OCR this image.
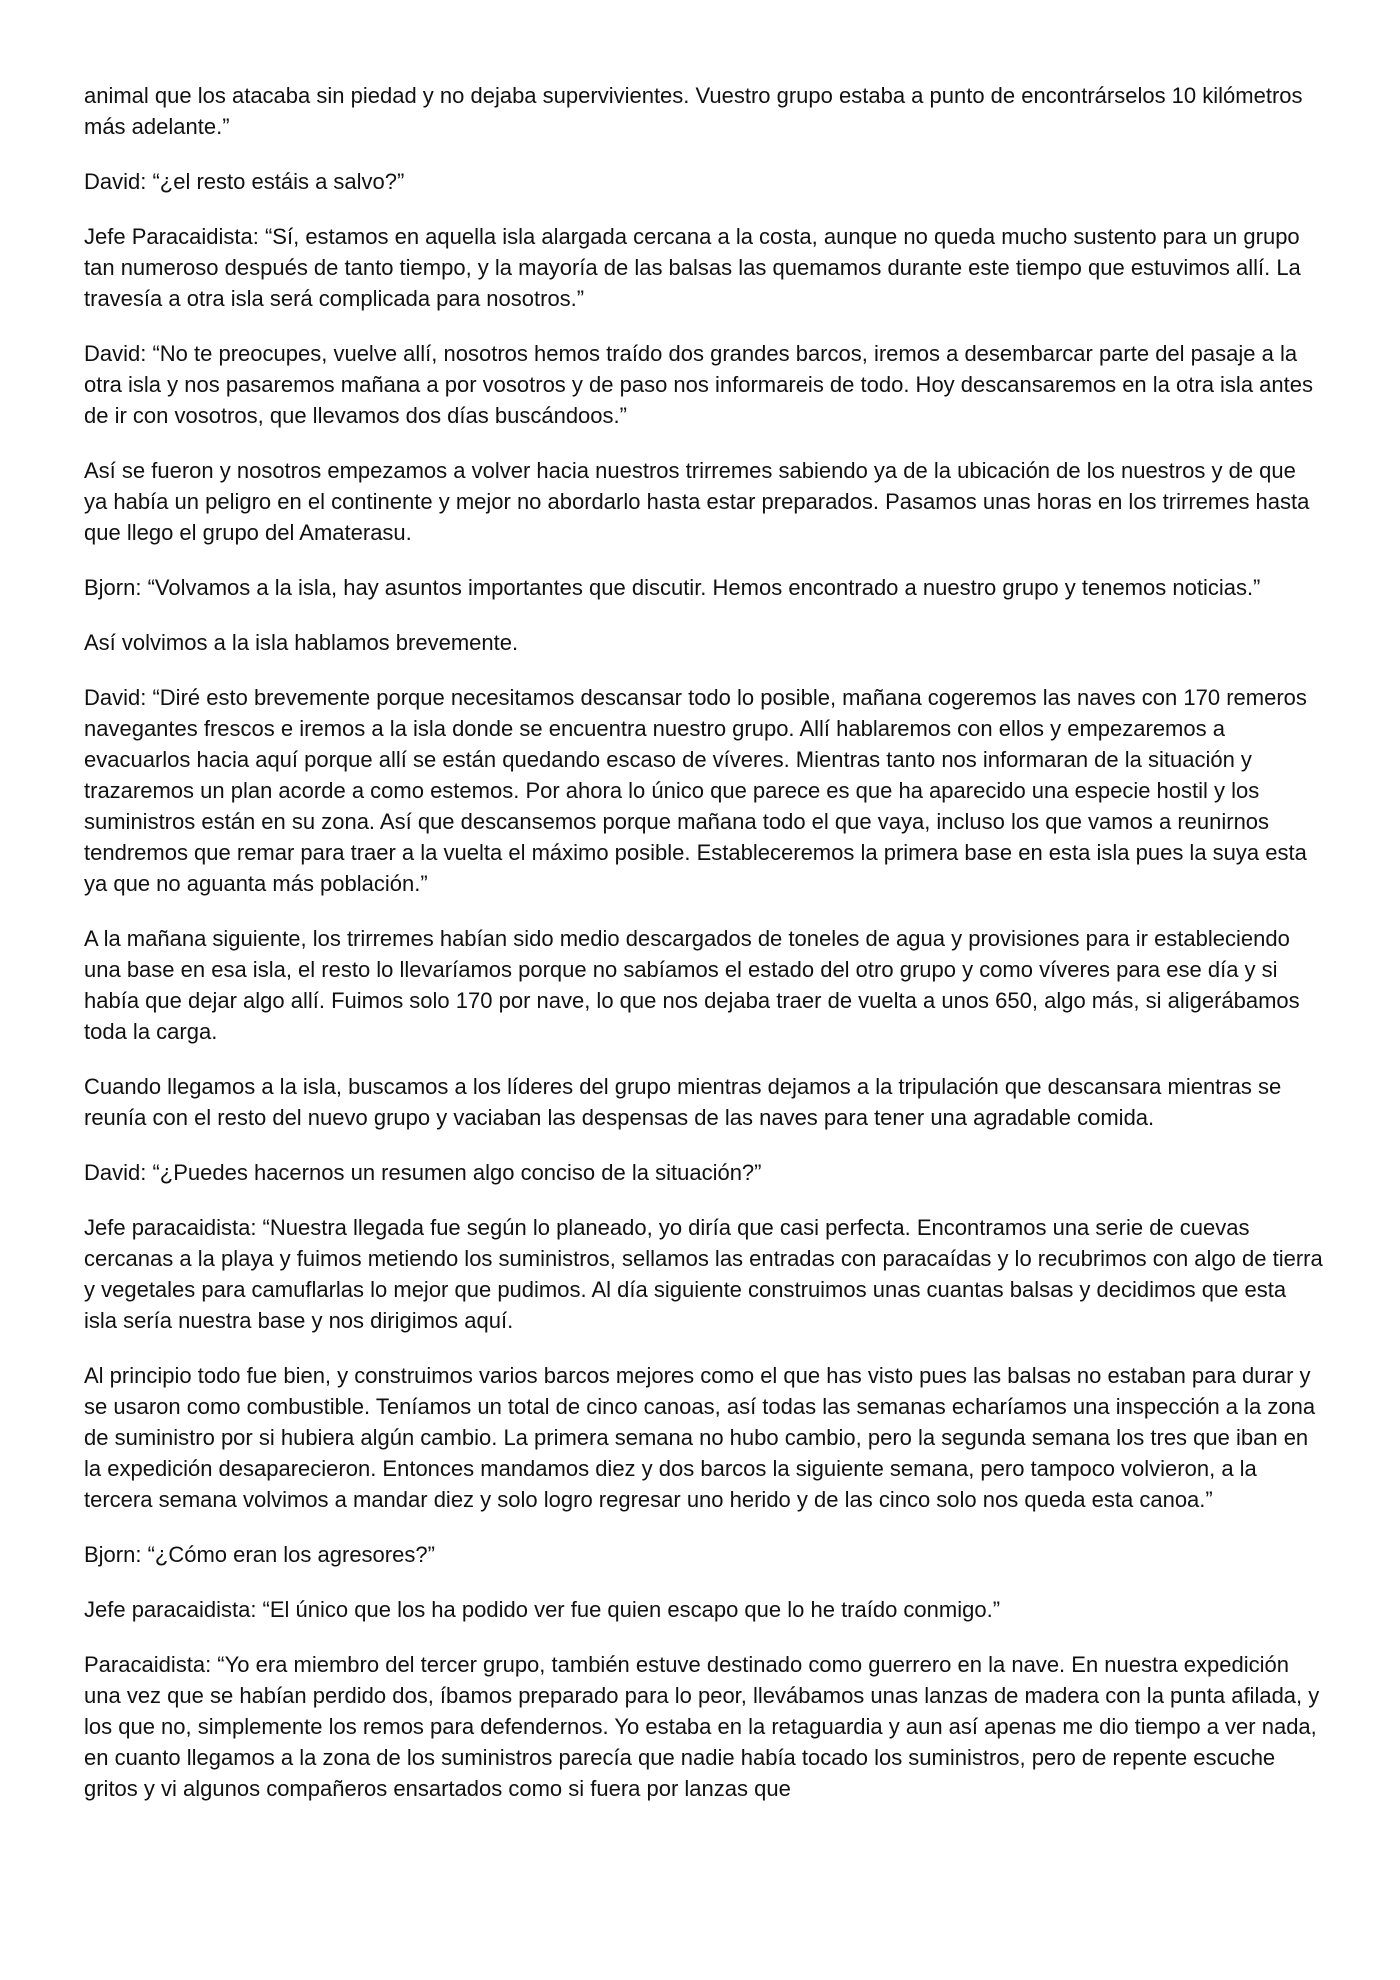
animal que los atacaba sin piedad y no dejaba supervivientes. Vuestro grupo estaba a punto de encontrárselos 10 kilómetros más adelante.”

David: “¿el resto estáis a salvo?”

Jefe Paracaidista: “Sí, estamos en aquella isla alargada cercana a la costa, aunque no queda mucho sustento para un grupo tan numeroso después de tanto tiempo, y la mayoría de las balsas las quemamos durante este tiempo que estuvimos allí. La travesía a otra isla será complicada para nosotros.”

David: “No te preocupes, vuelve allí, nosotros hemos traído dos grandes barcos, iremos a desembarcar parte del pasaje a la otra isla y nos pasaremos mañana a por vosotros y de paso nos informareis de todo. Hoy descansaremos en la otra isla antes de ir con vosotros, que llevamos dos días buscándoos.”

Así se fueron y nosotros empezamos a volver hacia nuestros trirremes sabiendo ya de la ubicación de los nuestros y de que ya había un peligro en el continente y mejor no abordarlo hasta estar preparados. Pasamos unas horas en los trirremes hasta que llego el grupo del Amaterasu.

Bjorn: “Volvamos a la isla, hay asuntos importantes que discutir. Hemos encontrado a nuestro grupo y tenemos noticias.”

Así volvimos a la isla hablamos brevemente.

David: “Diré esto brevemente porque necesitamos descansar todo lo posible, mañana cogeremos las naves con 170 remeros navegantes frescos e iremos a la isla donde se encuentra nuestro grupo. Allí hablaremos con ellos y empezaremos a evacuarlos hacia aquí porque allí se están quedando escaso de víveres. Mientras tanto nos informaran de la situación y trazaremos un plan acorde a como estemos. Por ahora lo único que parece es que ha aparecido una especie hostil y los suministros están en su zona. Así que descansemos porque mañana todo el que vaya, incluso los que vamos a reunirnos tendremos que remar para traer a la vuelta el máximo posible. Estableceremos la primera base en esta isla pues la suya esta ya que no aguanta más población.”

A la mañana siguiente, los trirremes habían sido medio descargados de toneles de agua y provisiones para ir estableciendo una base en esa isla, el resto lo llevaríamos porque no sabíamos el estado del otro grupo y como víveres para ese día y si había que dejar algo allí. Fuimos solo 170 por nave, lo que nos dejaba traer de vuelta a unos 650, algo más, si aligerábamos toda la carga.

Cuando llegamos a la isla, buscamos a los líderes del grupo mientras dejamos a la tripulación que descansara mientras se reunía con el resto del nuevo grupo y vaciaban las despensas de las naves para tener una agradable comida.

David: “¿Puedes hacernos un resumen algo conciso de la situación?”

Jefe paracaidista: “Nuestra llegada fue según lo planeado, yo diría que casi perfecta. Encontramos una serie de cuevas cercanas a la playa y fuimos metiendo los suministros, sellamos las entradas con paracaídas y lo recubrimos con algo de tierra y vegetales para camuflarlas lo mejor que pudimos. Al día siguiente construimos unas cuantas balsas y decidimos que esta isla sería nuestra base y nos dirigimos aquí.

Al principio todo fue bien, y construimos varios barcos mejores como el que has visto pues las balsas no estaban para durar y se usaron como combustible. Teníamos un total de cinco canoas, así todas las semanas echaríamos una inspección a la zona de suministro por si hubiera algún cambio. La primera semana no hubo cambio, pero la segunda semana los tres que iban en la expedición desaparecieron. Entonces mandamos diez y dos barcos la siguiente semana, pero tampoco volvieron, a la tercera semana volvimos a mandar diez y solo logro regresar uno herido y de las cinco solo nos queda esta canoa.”

Bjorn: “¿Cómo eran los agresores?”

Jefe paracaidista: “El único que los ha podido ver fue quien escapo que lo he traído conmigo.”

Paracaidista: “Yo era miembro del tercer grupo, también estuve destinado como guerrero en la nave. En nuestra expedición una vez que se habían perdido dos, íbamos preparado para lo peor, llevábamos unas lanzas de madera con la punta afilada, y los que no, simplemente los remos para defendernos. Yo estaba en la retaguardia y aun así apenas me dio tiempo a ver nada, en cuanto llegamos a la zona de los suministros parecía que nadie había tocado los suministros, pero de repente escuche gritos y vi algunos compañeros ensartados como si fuera por lanzas que
